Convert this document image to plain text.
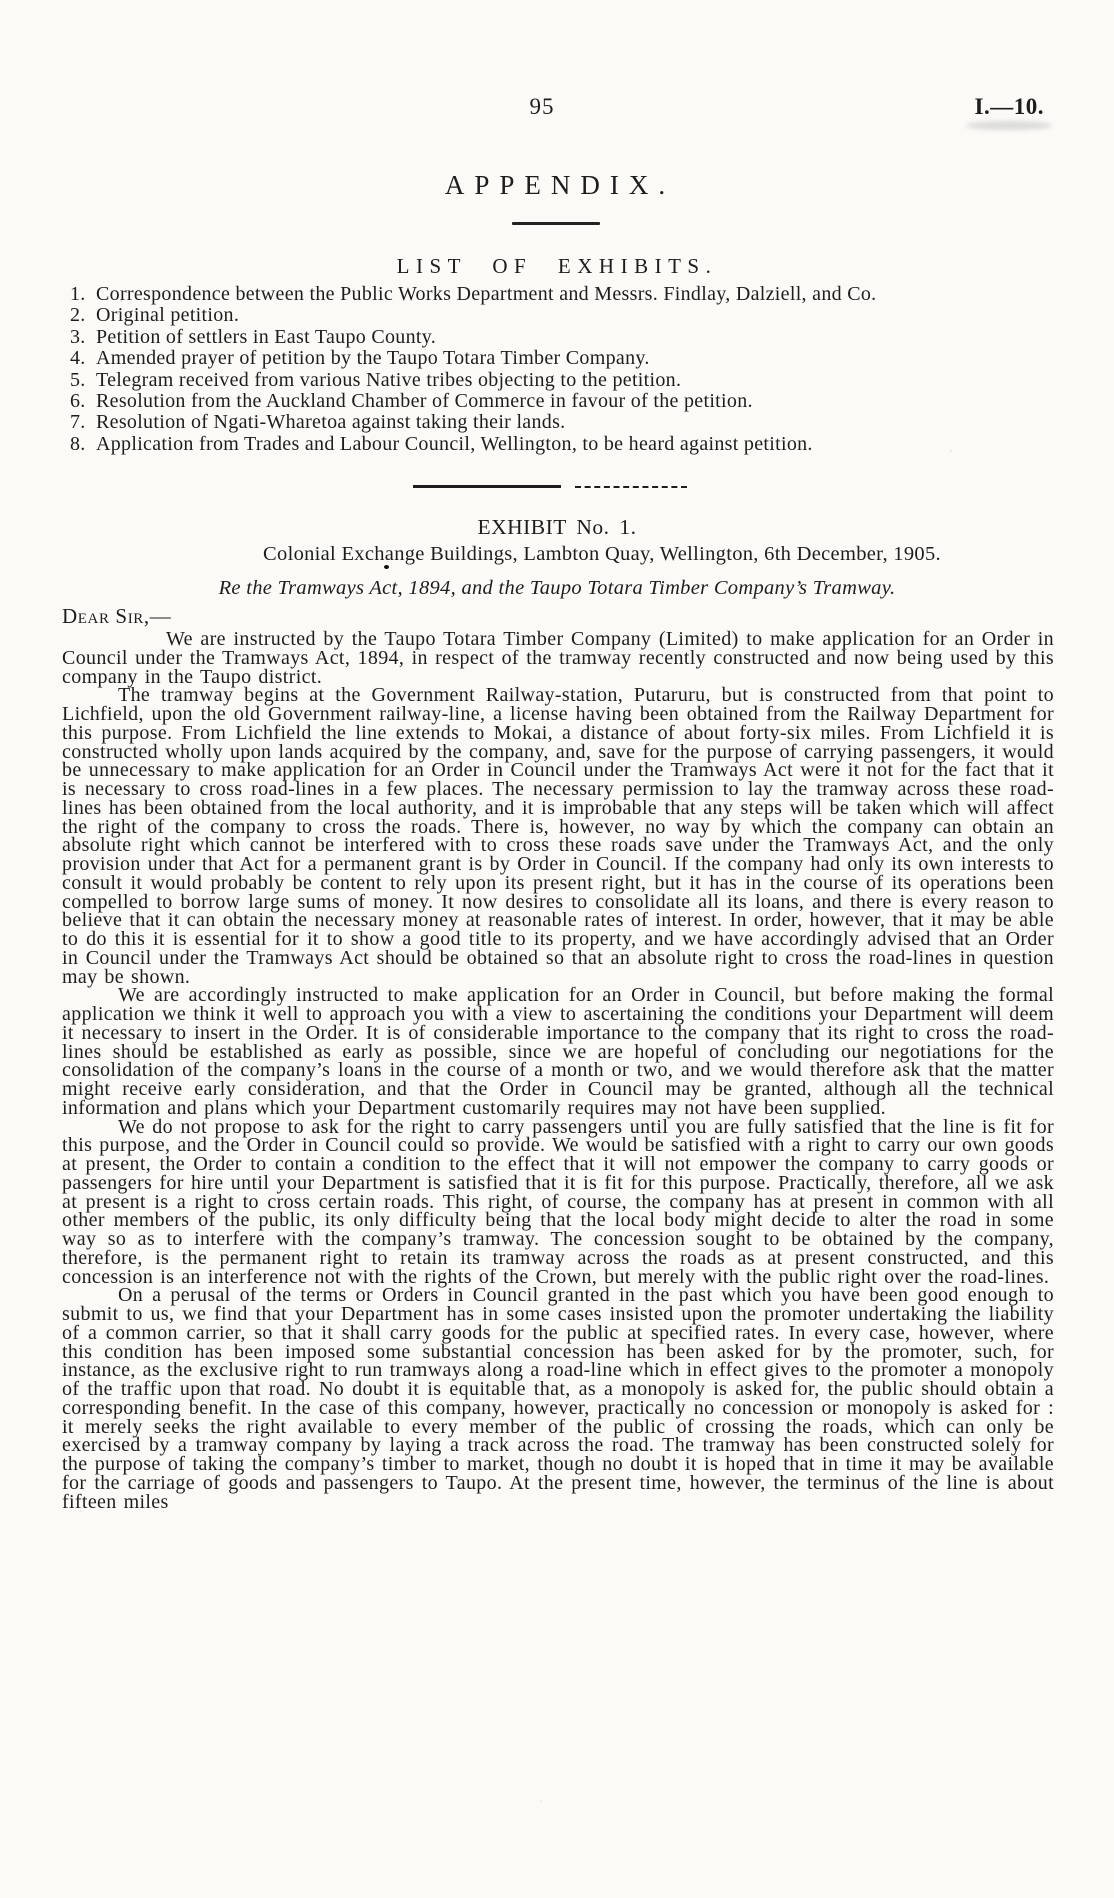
95	I.—10.
APPENDIX.
LIST OF EXHIBITS.
1. Correspondence between the Public Works Department and Messrs. Findlay, Dalziell, and Co.
2. Original petition.
3. Petition of settlers in East Taupo County.
4. Amended prayer of petition by the Taupo Totara Timber Company.
5. Telegram received from various Native tribes objecting to the petition.
6. Resolution from the Auckland Chamber of Commerce in favour of the petition.
7. Resolution of Ngati-Wharetoa against taking their lands.
8. Application from Trades and Labour Council, Wellington, to be heard against petition.
EXHIBIT No. 1.
Colonial Exchange Buildings, Lambton Quay, Wellington, 6th December, 1905.
Re the Tramways Act, 1894, and the Taupo Totara Timber Company’s Tramway.
Dear Sir,—

We are instructed by the Taupo Totara Timber Company (Limited) to make application for an Order in Council under the Tramways Act, 1894, in respect of the tramway recently constructed and now being used by this company in the Taupo district.

The tramway begins at the Government Railway-station, Putaruru, but is constructed from that point to Lichfield, upon the old Government railway-line, a license having been obtained from the Railway Department for this purpose. From Lichfield the line extends to Mokai, a distance of about forty-six miles. From Lichfield it is constructed wholly upon lands acquired by the company, and, save for the purpose of carrying passengers, it would be unnecessary to make application for an Order in Council under the Tramways Act were it not for the fact that it is necessary to cross road-lines in a few places. The necessary permission to lay the tramway across these road-lines has been obtained from the local authority, and it is improbable that any steps will be taken which will affect the right of the company to cross the roads. There is, however, no way by which the company can obtain an absolute right which cannot be interfered with to cross these roads save under the Tramways Act, and the only provision under that Act for a permanent grant is by Order in Council. If the company had only its own interests to consult it would probably be content to rely upon its present right, but it has in the course of its operations been compelled to borrow large sums of money. It now desires to consolidate all its loans, and there is every reason to believe that it can obtain the necessary money at reasonable rates of interest. In order, however, that it may be able to do this it is essential for it to show a good title to its property, and we have accordingly advised that an Order in Council under the Tramways Act should be obtained so that an absolute right to cross the road-lines in question may be shown.

We are accordingly instructed to make application for an Order in Council, but before making the formal application we think it well to approach you with a view to ascertaining the conditions your Department will deem it necessary to insert in the Order. It is of considerable importance to the company that its right to cross the road-lines should be established as early as possible, since we are hopeful of concluding our negotiations for the consolidation of the company’s loans in the course of a month or two, and we would therefore ask that the matter might receive early consideration, and that the Order in Council may be granted, although all the technical information and plans which your Department customarily requires may not have been supplied.

We do not propose to ask for the right to carry passengers until you are fully satisfied that the line is fit for this purpose, and the Order in Council could so provide. We would be satisfied with a right to carry our own goods at present, the Order to contain a condition to the effect that it will not empower the company to carry goods or passengers for hire until your Department is satisfied that it is fit for this purpose. Practically, therefore, all we ask at present is a right to cross certain roads. This right, of course, the company has at present in common with all other members of the public, its only difficulty being that the local body might decide to alter the road in some way so as to interfere with the company’s tramway. The concession sought to be obtained by the company, therefore, is the permanent right to retain its tramway across the roads as at present constructed, and this concession is an interference not with the rights of the Crown, but merely with the public right over the road-lines.

On a perusal of the terms or Orders in Council granted in the past which you have been good enough to submit to us, we find that your Department has in some cases insisted upon the promoter undertaking the liability of a common carrier, so that it shall carry goods for the public at specified rates. In every case, however, where this condition has been imposed some substantial concession has been asked for by the promoter, such, for instance, as the exclusive right to run tramways along a road-line which in effect gives to the promoter a monopoly of the traffic upon that road. No doubt it is equitable that, as a monopoly is asked for, the public should obtain a corresponding benefit. In the case of this company, however, practically no concession or monopoly is asked for : it merely seeks the right available to every member of the public of crossing the roads, which can only be exercised by a tramway company by laying a track across the road. The tramway has been constructed solely for the purpose of taking the company’s timber to market, though no doubt it is hoped that in time it may be available for the carriage of goods and passengers to Taupo. At the present time, however, the terminus of the line is about fifteen miles
